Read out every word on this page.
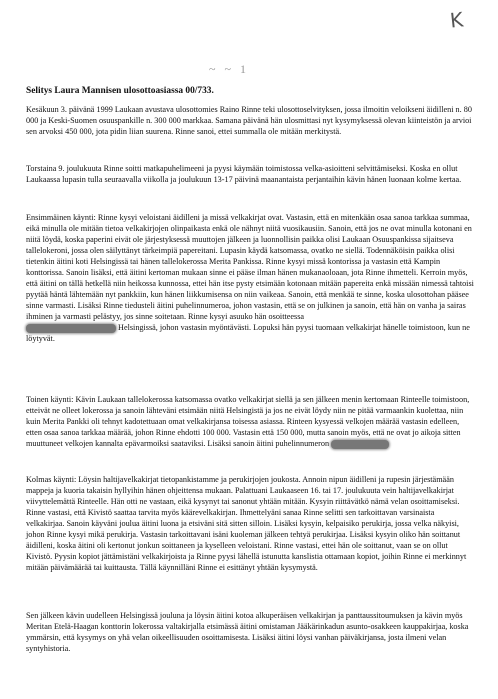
K
~ ~ 1
Selitys Laura Mannisen ulosottoasiassa 00/733.

Kesäkuun 3. päivänä 1999 Laukaan avustava ulosottomies Raino Rinne teki ulosottoselvityksen, jossa ilmoitin veloikseni äidilleni n. 80 000 ja Keski-Suomen osuuspankille n. 300 000 markkaa. Samana päivänä hän ulosmittasi nyt kysymyksessä olevan kiinteistön ja arvioi sen arvoksi 450 000, jota pidin liian suurena. Rinne sanoi, ettei summalla ole mitään merkitystä.

Torstaina 9. joulukuuta Rinne soitti matkapuhelimeeni ja pyysi käymään toimistossa velka-asioitteni selvittämiseksi. Koska en ollut Laukaassa lupasin tulla seuraavalla viikolla ja joulukuun 13-17 päivinä maanantaista perjantaihin kävin hänen luonaan kolme kertaa.

Ensimmäinen käynti: Rinne kysyi veloistani äidilleni ja missä velkakirjat ovat. Vastasin, että en mitenkään osaa sanoa tarkkaa summaa, eikä minulla ole mitään tietoa velkakirjojen olinpaikasta enkä ole nähnyt niitä vuosikausiin. Sanoin, että jos ne ovat minulla kotonani en niitä löydä, koska paperini eivät ole järjestyksessä muuttojen jälkeen ja luonnollisin paikka olisi Laukaan Osuuspankissa sijaitseva tallelokeroni, jossa olen säilyttänyt tärkeimpiä papereitani. Lupasin käydä katsomassa, ovatko ne siellä. Todennäköisin paikka olisi tietenkin äitini koti Helsingissä tai hänen tallelokerossa Merita Pankissa. Rinne kysyi missä kontorissa ja vastasin että Kampin konttorissa. Sanoin lisäksi, että äitini kertoman mukaan sinne ei pääse ilman hänen mukanaoloaan, jota Rinne ihmetteli. Kerroin myös, että äitini on tällä hetkellä niin heikossa kunnossa, ettei hän itse pysty etsimään kotonaan mitään papereita enkä missään nimessä tahtoisi pyytää häntä lähtemään nyt pankkiin, kun hänen liikkumisensa on niin vaikeaa. Sanoin, että menkää te sinne, koska ulosottohan pääsee sinne varmasti. Lisäksi Rinne tiedusteli äitini puhelinnumeroa, johon vastasin, että se on julkinen ja sanoin, että hän on vanha ja sairas ihminen ja varmasti pelästyy, jos sinne soitetaan. Rinne kysyi asuuko hän osoitteessa
Helsingissä, johon vastasin myöntävästi. Lopuksi hän pyysi tuomaan velkakirjat hänelle toimistoon, kun ne löytyvät.

Toinen käynti: Kävin Laukaan tallelokerossa katsomassa ovatko velkakirjat siellä ja sen jälkeen menin kertomaan Rinteelle toimistoon, etteivät ne olleet lokerossa ja sanoin lähteväni etsimään niitä Helsingistä ja jos ne eivät löydy niin ne pitää varmaankin kuolettaa, niin kuin Merita Pankki oli tehnyt kadotettuaan omat velkakirjansa toisessa asiassa. Rinteen kysyessä velkojen määrää vastasin edelleen, etten osaa sanoa tarkkaa määrää, johon Rinne ehdotti 100 000. Vastasin että 150 000, mutta sanoin myös, että ne ovat jo aikoja sitten muuttuneet velkojen kannalta epävarmoiksi saataviksi. Lisäksi sanoin äitini puhelinnumeron

Kolmas käynti: Löysin haltijavelkakirjat tietopankistamme ja perukirjojen joukosta. Annoin nipun äidilleni ja rupesin järjestämään mappeja ja kuoria takaisin hyllyihin hänen ohjeittensa mukaan. Palattuani Laukaaseen 16. tai 17. joulukuuta vein haltijavelkakirjat viivyttelemättä Rinteelle. Hän otti ne vastaan, eikä kysynyt tai sanonut yhtään mitään. Kysyin riittävätkö nämä velan osoittamiseksi. Rinne vastasi, että Kivistö saattaa tarvita myös käärevelkakirjan. Ihmettelyäni sanaa Rinne selitti sen tarkoittavan varsinaista velkakirjaa. Sanoin käyväni joulua äitini luona ja etsiväni sitä sitten silloin. Lisäksi kysyin, kelpaisiko perukirja, jossa velka näkyisi, johon Rinne kysyi mikä perukirja. Vastasin tarkoittavani isäni kuoleman jälkeen tehtyä perukirjaa. Lisäksi kysyin oliko hän soittanut äidilleni, koska äitini oli kertonut jonkun soittaneen ja kyselleen veloistani. Rinne vastasi, ettei hän ole soittanut, vaan se on ollut Kivistö. Pyysin kopiot jättämistäni velkakirjoista ja Rinne pyysi lähellä istunutta kanslistia ottamaan kopiot, joihin Rinne ei merkinnyt mitään päivämäärää tai kuittausta. Tällä käynnilläni Rinne ei esittänyt yhtään kysymystä.

Sen jälkeen kävin uudelleen Helsingissä jouluna ja löysin äitini kotoa alkuperäisen velkakirjan ja panttaussitoumuksen ja kävin myös Meritan Etelä-Haagan konttorin lokerossa valtakirjalla etsimässä äitini omistaman Jääkärinkadun asunto-osakkeen kauppakirjaa, koska ymmärsin, että kysymys on yhä velan oikeellisuuden osoittamisesta. Lisäksi äitini löysi vanhan päiväkirjansa, josta ilmeni velan syntyhistoria.
